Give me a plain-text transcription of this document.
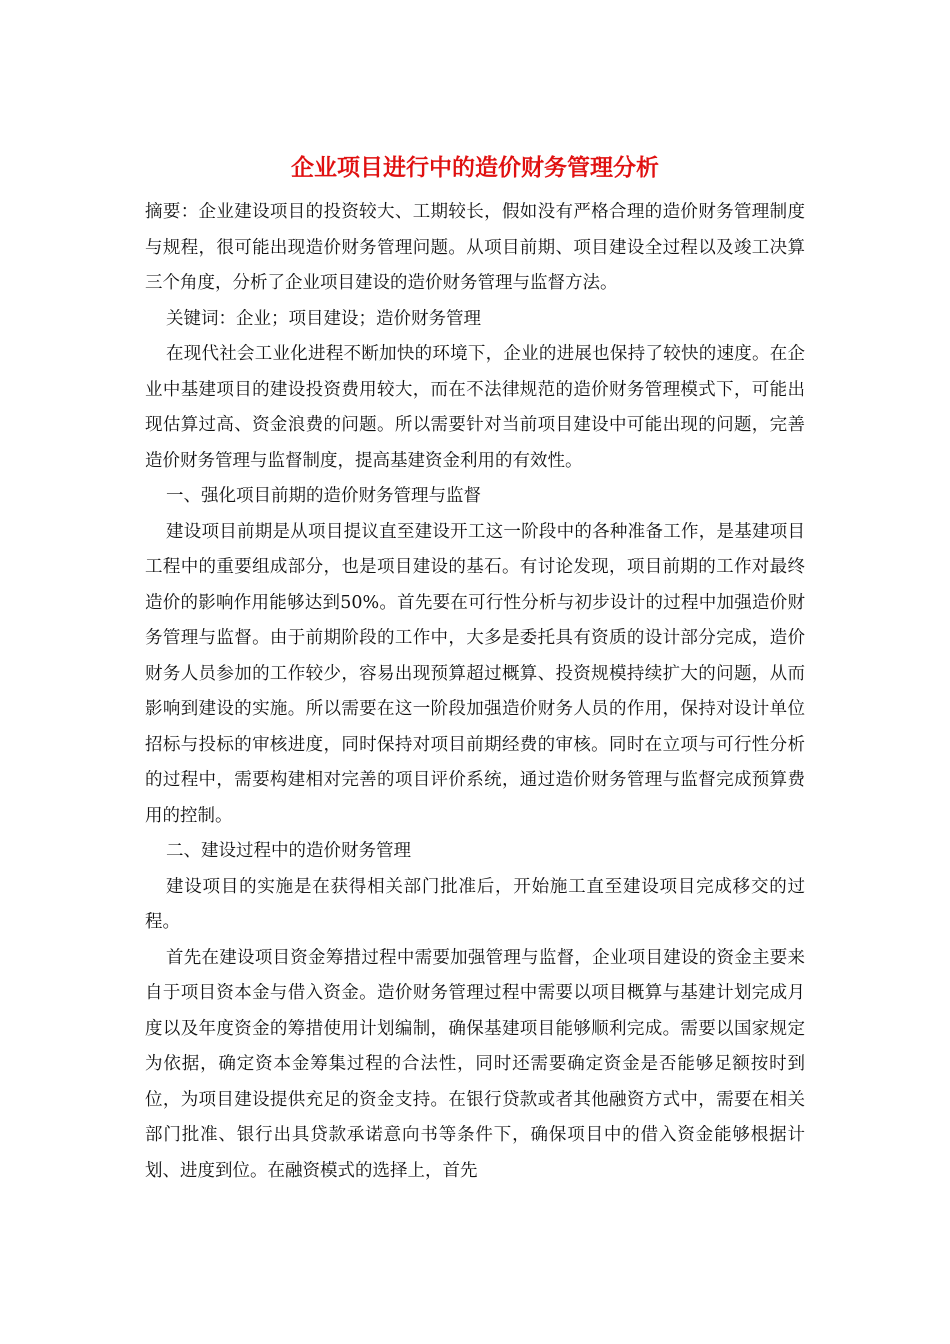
企业项目进行中的造价财务管理分析

摘要：企业建设项目的投资较大、工期较长，假如没有严格合理的造价财务管理制度与规程，很可能出现造价财务管理问题。从项目前期、项目建设全过程以及竣工决算三个角度，分析了企业项目建设的造价财务管理与监督方法。

关键词：企业；项目建设；造价财务管理

在现代社会工业化进程不断加快的环境下，企业的进展也保持了较快的速度。在企业中基建项目的建设投资费用较大，而在不法律规范的造价财务管理模式下，可能出现估算过高、资金浪费的问题。所以需要针对当前项目建设中可能出现的问题，完善造价财务管理与监督制度，提高基建资金利用的有效性。

一、强化项目前期的造价财务管理与监督

建设项目前期是从项目提议直至建设开工这一阶段中的各种准备工作，是基建项目工程中的重要组成部分，也是项目建设的基石。有讨论发现，项目前期的工作对最终造价的影响作用能够达到50%。首先要在可行性分析与初步设计的过程中加强造价财务管理与监督。由于前期阶段的工作中，大多是委托具有资质的设计部分完成，造价财务人员参加的工作较少，容易出现预算超过概算、投资规模持续扩大的问题，从而影响到建设的实施。所以需要在这一阶段加强造价财务人员的作用，保持对设计单位招标与投标的审核进度，同时保持对项目前期经费的审核。同时在立项与可行性分析的过程中，需要构建相对完善的项目评价系统，通过造价财务管理与监督完成预算费用的控制。

二、建设过程中的造价财务管理

建设项目的实施是在获得相关部门批准后，开始施工直至建设项目完成移交的过程。

首先在建设项目资金筹措过程中需要加强管理与监督，企业项目建设的资金主要来自于项目资本金与借入资金。造价财务管理过程中需要以项目概算与基建计划完成月度以及年度资金的筹措使用计划编制，确保基建项目能够顺利完成。需要以国家规定为依据，确定资本金筹集过程的合法性，同时还需要确定资金是否能够足额按时到位，为项目建设提供充足的资金支持。在银行贷款或者其他融资方式中，需要在相关部门批准、银行出具贷款承诺意向书等条件下，确保项目中的借入资金能够根据计划、进度到位。在融资模式的选择上，首先
